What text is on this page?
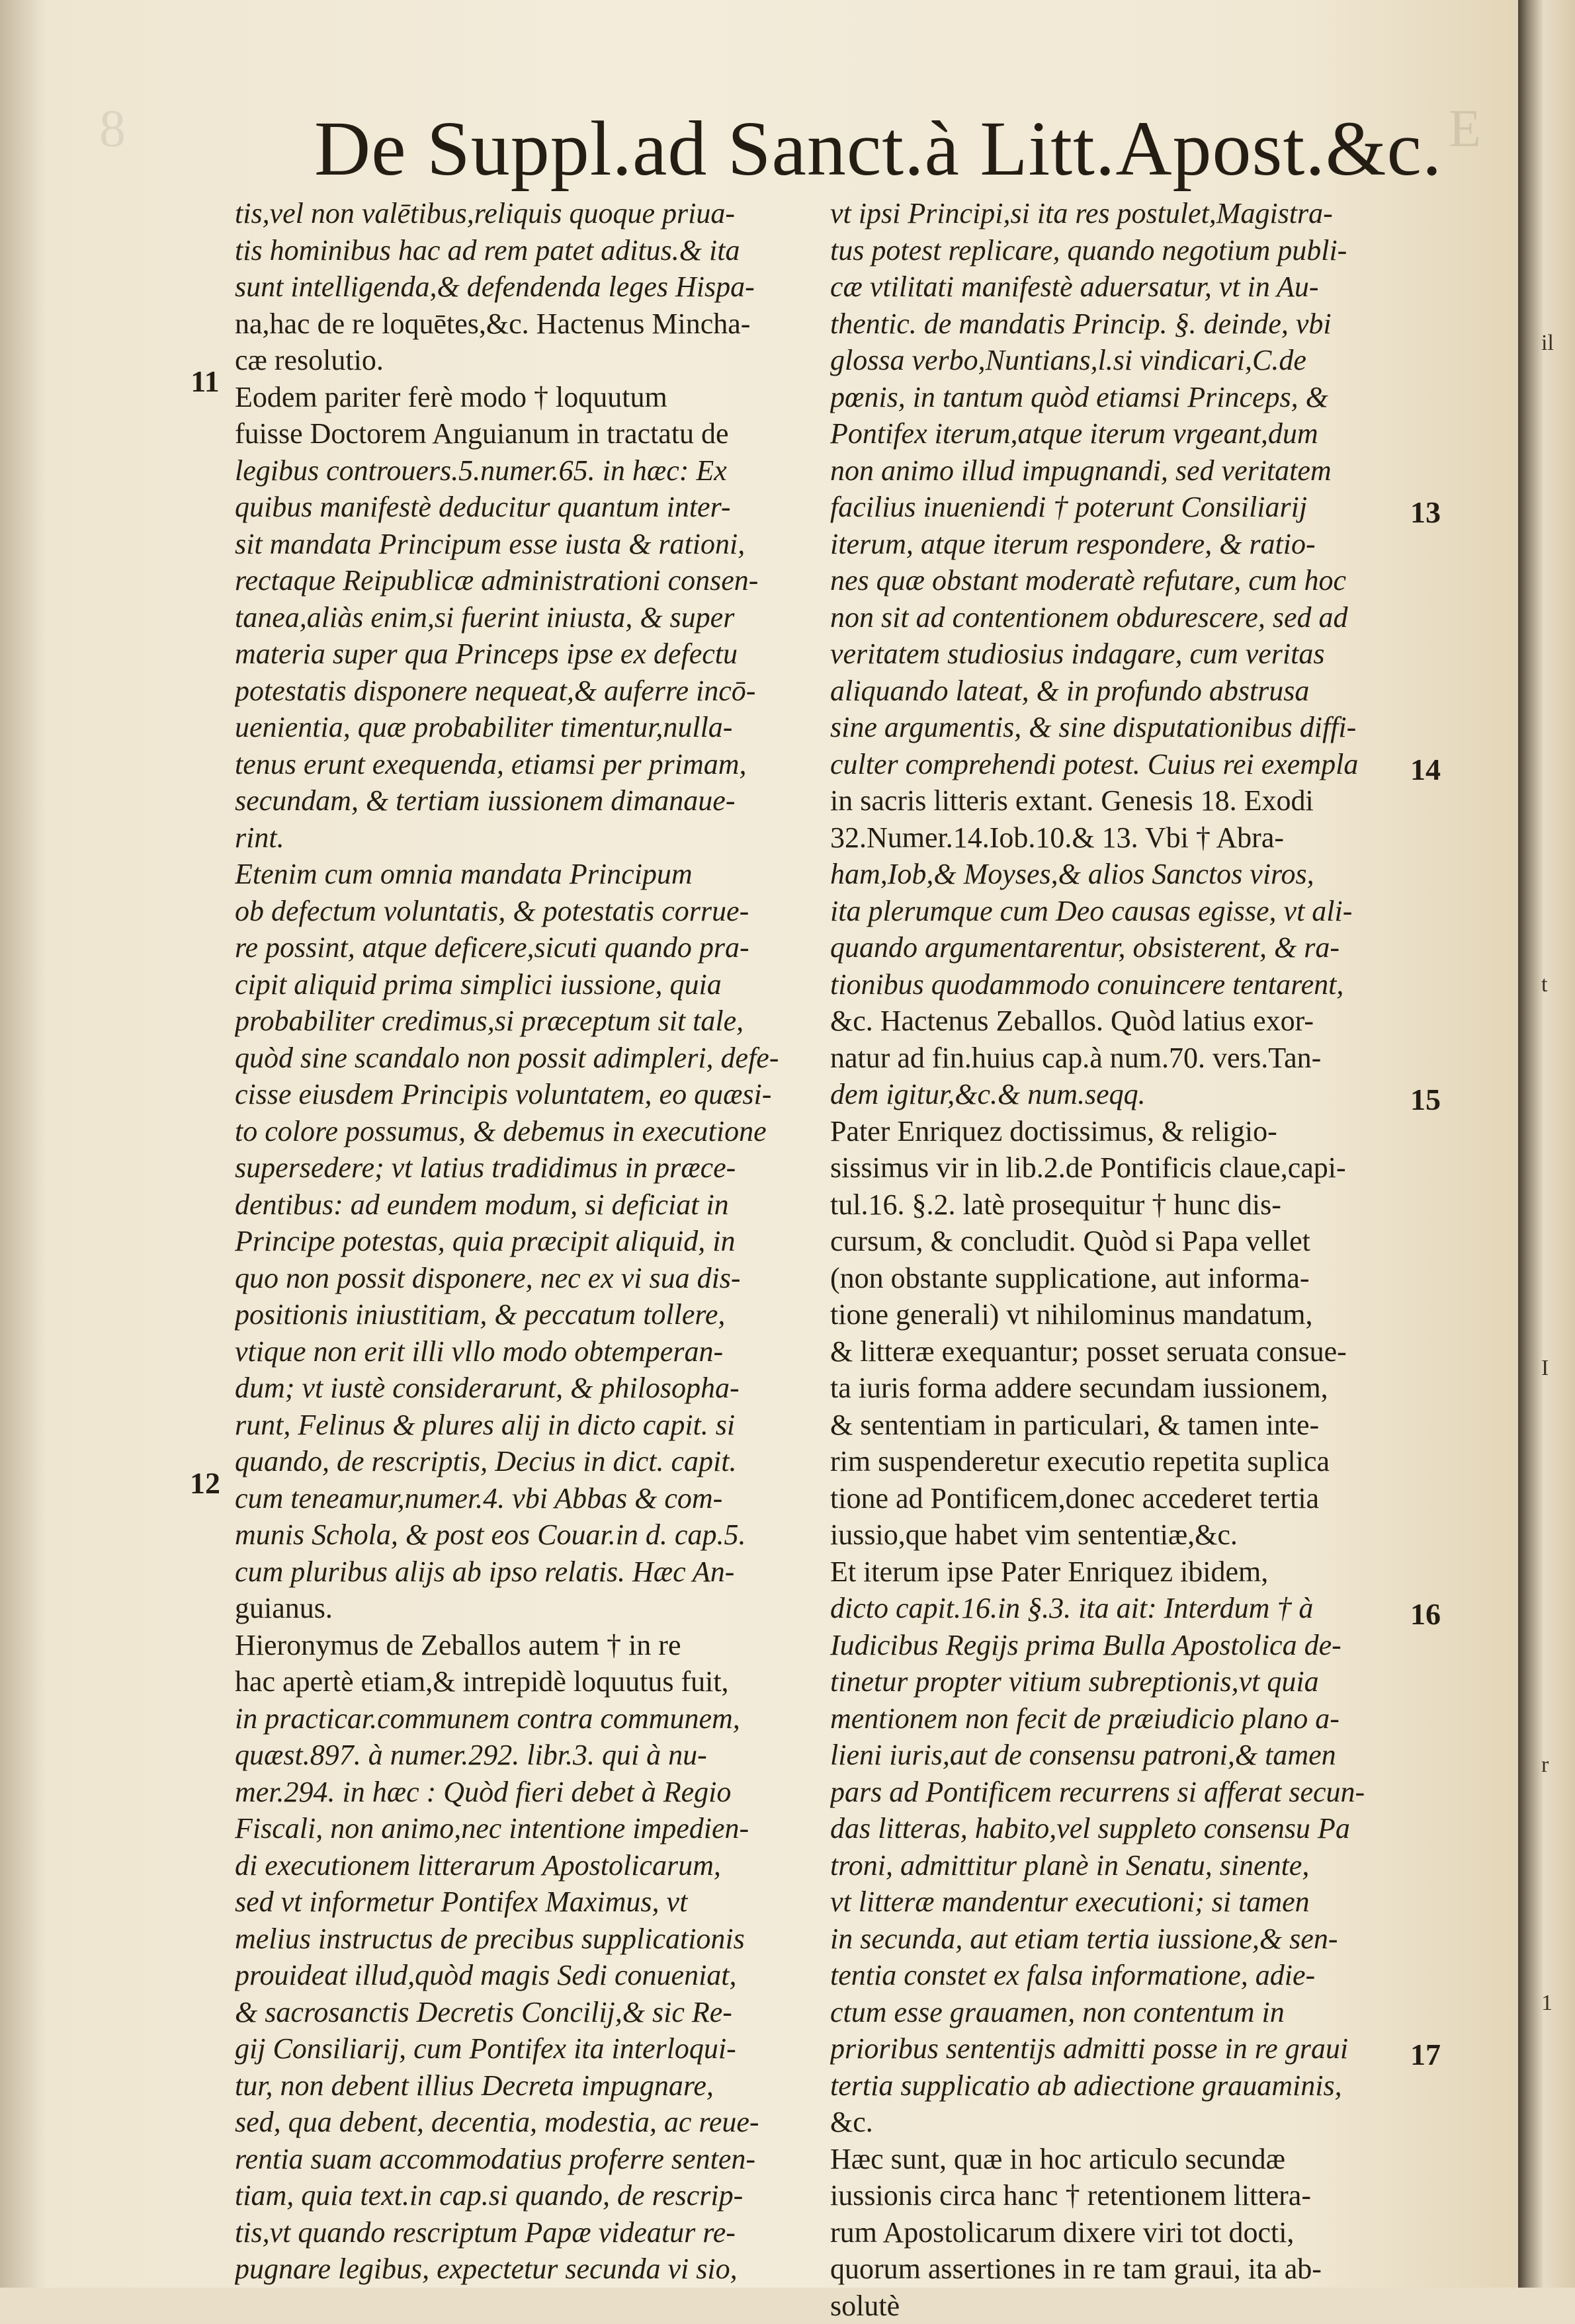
8	E
De Suppl.ad Sanct.à Litt.Apost.&c.
tis,vel non valētibus,reliquis quoque priua-
tis hominibus hac ad rem patet aditus.& ita
sunt intelligenda,& defendenda leges Hispa-
na,hac de re loquētes,&c. Hactenus Mincha-
cæ resolutio.
Eodem pariter ferè modo † loquutum
fuisse Doctorem Anguianum in tractatu de
legibus controuers.5.numer.65. in hæc: Ex
quibus manifestè deducitur quantum inter-
sit mandata Principum esse iusta & rationi,
rectaque Reipublicæ administrationi consen-
tanea,aliàs enim,si fuerint iniusta, & super
materia super qua Princeps ipse ex defectu
potestatis disponere nequeat,& auferre incō-
uenientia, quæ probabiliter timentur,nulla-
tenus erunt exequenda, etiamsi per primam,
secundam, & tertiam iussionem dimanaue-
rint.
Etenim cum omnia mandata Principum
ob defectum voluntatis, & potestatis corrue-
re possint, atque deficere,sicuti quando pra-
cipit aliquid prima simplici iussione, quia
probabiliter credimus,si præceptum sit tale,
quòd sine scandalo non possit adimpleri, defe-
cisse eiusdem Principis voluntatem, eo quæsi-
to colore possumus, & debemus in executione
supersedere; vt latius tradidimus in præce-
dentibus: ad eundem modum, si deficiat in
Principe potestas, quia præcipit aliquid, in
quo non possit disponere, nec ex vi sua dis-
positionis iniustitiam, & peccatum tollere,
vtique non erit illi vllo modo obtemperan-
dum; vt iustè considerarunt, & philosopha-
runt, Felinus & plures alij in dicto capit. si
quando, de rescriptis, Decius in dict. capit.
cum teneamur,numer.4. vbi Abbas & com-
munis Schola, & post eos Couar.in d. cap.5.
cum pluribus alijs ab ipso relatis. Hæc An-
guianus.
Hieronymus de Zeballos autem † in re
hac apertè etiam,& intrepidè loquutus fuit,
in practicar.communem contra communem,
quæst.897. à numer.292. libr.3. qui à nu-
mer.294. in hæc : Quòd fieri debet à Regio
Fiscali, non animo,nec intentione impedien-
di executionem litterarum Apostolicarum,
sed vt informetur Pontifex Maximus, vt
melius instructus de precibus supplicationis
prouideat illud,quòd magis Sedi conueniat,
& sacrosanctis Decretis Concilij,& sic Re-
gij Consiliarij, cum Pontifex ita interloqui-
tur, non debent illius Decreta impugnare,
sed, qua debent, decentia, modestia, ac reue-
rentia suam accommodatius proferre senten-
tiam, quia text.in cap.si quando, de rescrip-
tis,vt quando rescriptum Papæ videatur re-
pugnare legibus, expectetur secunda vi sio,
vt ipsi Principi,si ita res postulet,Magistra-
tus potest replicare, quando negotium publi-
cæ vtilitati manifestè aduersatur, vt in Au-
thentic. de mandatis Princip. §. deinde, vbi
glossa verbo,Nuntians,l.si vindicari,C.de
pœnis, in tantum quòd etiamsi Princeps, &
Pontifex iterum,atque iterum vrgeant,dum
non animo illud impugnandi, sed veritatem
facilius inueniendi † poterunt Consiliarij
iterum, atque iterum respondere, & ratio-
nes quæ obstant moderatè refutare, cum hoc
non sit ad contentionem obdurescere, sed ad
veritatem studiosius indagare, cum veritas
aliquando lateat, & in profundo abstrusa
sine argumentis, & sine disputationibus diffi-
culter comprehendi potest. Cuius rei exempla
in sacris litteris extant. Genesis 18. Exodi
32.Numer.14.Iob.10.& 13. Vbi † Abra-
ham,Iob,& Moyses,& alios Sanctos viros,
ita plerumque cum Deo causas egisse, vt ali-
quando argumentarentur, obsisterent, & ra-
tionibus quodammodo conuincere tentarent,
&c. Hactenus Zeballos. Quòd latius exor-
natur ad fin.huius cap.à num.70. vers.Tan-
dem igitur,&c.& num.seqq.
Pater Enriquez doctissimus, & religio-
sissimus vir in lib.2.de Pontificis claue,capi-
tul.16. §.2. latè prosequitur † hunc dis-
cursum, & concludit. Quòd si Papa vellet
(non obstante supplicatione, aut informa-
tione generali) vt nihilominus mandatum,
& litteræ exequantur; posset seruata consue-
ta iuris forma addere secundam iussionem,
& sententiam in particulari, & tamen inte-
rim suspenderetur executio repetita suplica
tione ad Pontificem,donec accederet tertia
iussio,que habet vim sententiæ,&c.
Et iterum ipse Pater Enriquez ibidem,
dicto capit.16.in §.3. ita ait: Interdum † à
Iudicibus Regijs prima Bulla Apostolica de-
tinetur propter vitium subreptionis,vt quia
mentionem non fecit de præiudicio plano a-
lieni iuris,aut de consensu patroni,& tamen
pars ad Pontificem recurrens si afferat secun-
das litteras, habito,vel suppleto consensu Pa
troni, admittitur planè in Senatu, sinente,
vt litteræ mandentur executioni; si tamen
in secunda, aut etiam tertia iussione,& sen-
tentia constet ex falsa informatione, adie-
ctum esse grauamen, non contentum in
prioribus sententijs admitti posse in re graui
tertia supplicatio ab adiectione grauaminis,
&c.
Hæc sunt, quæ in hoc articulo secundæ
iussionis circa hanc † retentionem littera-
rum Apostolicarum dixere viri tot docti,
quorum assertiones in re tam graui, ita ab-
solutè
11
12
13
14
15
16
17
il
t
I
r
1
